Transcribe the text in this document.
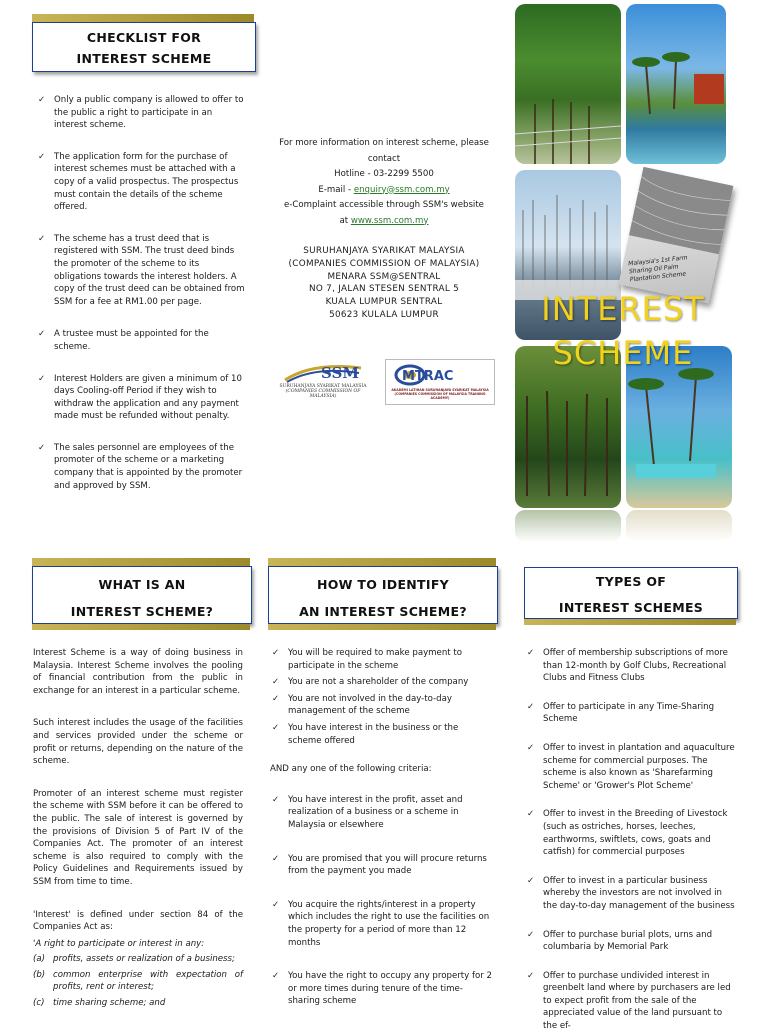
CHECKLIST FOR
INTEREST SCHEME
✓ Only a public company is allowed to offer to the public a right to participate in an interest scheme.
✓ The application form for the purchase of interest schemes must be attached with a copy of a valid prospectus. The prospectus must contain the details of the scheme offered.
✓ The scheme has a trust deed that is registered with SSM. The trust deed binds the promoter of the scheme to its obligations towards the interest holders. A copy of the trust deed can be obtained from SSM for a fee at RM1.00 per page.
✓ A trustee must be appointed for the scheme.
✓ Interest Holders are given a minimum of 10 days Cooling-off Period if they wish to withdraw the application and any payment made must be refunded without penalty.
✓ The sales personnel are employees of the promoter of the scheme or a marketing company that is appointed by the promoter and approved by SSM.
For more information on interest scheme, please contact
Hotline - 03-2299 5500
E-mail - enquiry@ssm.com.my
e-Complaint accessible through SSM's website
at www.ssm.com.my
SURUHANJAYA SYARIKAT MALAYSIA
(COMPANIES COMMISSION OF MALAYSIA)
MENARA SSM@SENTRAL
NO 7, JALAN STESEN SENTRAL 5
KUALA LUMPUR SENTRAL
50623 KULALA LUMPUR
SSM
SURUHANJAYA SYARIKAT MALAYSIA
(COMPANIES COMMISSION OF MALAYSIA)
MTRAC
AKADEMI LATIHAN SURUHANJAYA SYARIKAT MALAYSIA (COMPANIES COMMISSION OF MALAYSIA TRAINING ACADEMY)
Malaysia's 1st Farm Sharing Oil Palm Plantation Scheme
INTEREST
SCHEME
WHAT IS AN
INTEREST SCHEME?
Interest Scheme is a way of doing business in Malaysia. Interest Scheme involves the pooling of financial contribution from the public in exchange for an interest in a particular scheme.
Such interest includes the usage of the facilities and services provided under the scheme or profit or returns, depending on the nature of the scheme.
Promoter of an interest scheme must register the scheme with SSM before it can be offered to the public. The sale of interest is governed by the provisions of Division 5 of Part IV of the Companies Act. The promoter of an interest scheme is also required to comply with the Policy Guidelines and Requirements issued by SSM from time to time.
'Interest' is defined under section 84 of the Companies Act as:
'A right to participate or interest in any:
(a) profits, assets or realization of a business;
(b) common enterprise with expectation of profits, rent or interest;
(c) time sharing scheme; and
HOW TO IDENTIFY
AN INTEREST SCHEME?
✓ You will be required to make payment to participate in the scheme
✓ You are not a shareholder of the company
✓ You are not involved in the day-to-day management of the scheme
✓ You have interest in the business or the scheme offered
AND any one of the following criteria:
✓ You have interest in the profit, asset and realization of a business or a scheme in Malaysia or elsewhere
✓ You are promised that you will procure returns from the payment you made
✓ You acquire the rights/interest in a property which includes the right to use the facilities on the property for a period of more than 12 months
✓ You have the right to occupy any property for 2 or more times during tenure of the time-sharing scheme
TYPES OF
INTEREST SCHEMES
✓ Offer of membership subscriptions of more than 12-month by Golf Clubs, Recreational Clubs and Fitness Clubs
✓ Offer to participate in any Time-Sharing Scheme
✓ Offer to invest in plantation and aquaculture scheme for commercial purposes. The scheme is also known as 'Sharefarming Scheme' or 'Grower's Plot Scheme'
✓ Offer to invest in the Breeding of Livestock (such as ostriches, horses, leeches, earthworms, swiftlets, cows, goats and catfish) for commercial purposes
✓ Offer to invest in a particular business whereby the investors are not involved in the day-to-day management of the business
✓ Offer to purchase burial plots, urns and columbaria by Memorial Park
✓ Offer to purchase undivided interest in greenbelt land where by purchasers are led to expect profit from the sale of the appreciated value of the land pursuant to the ef-
